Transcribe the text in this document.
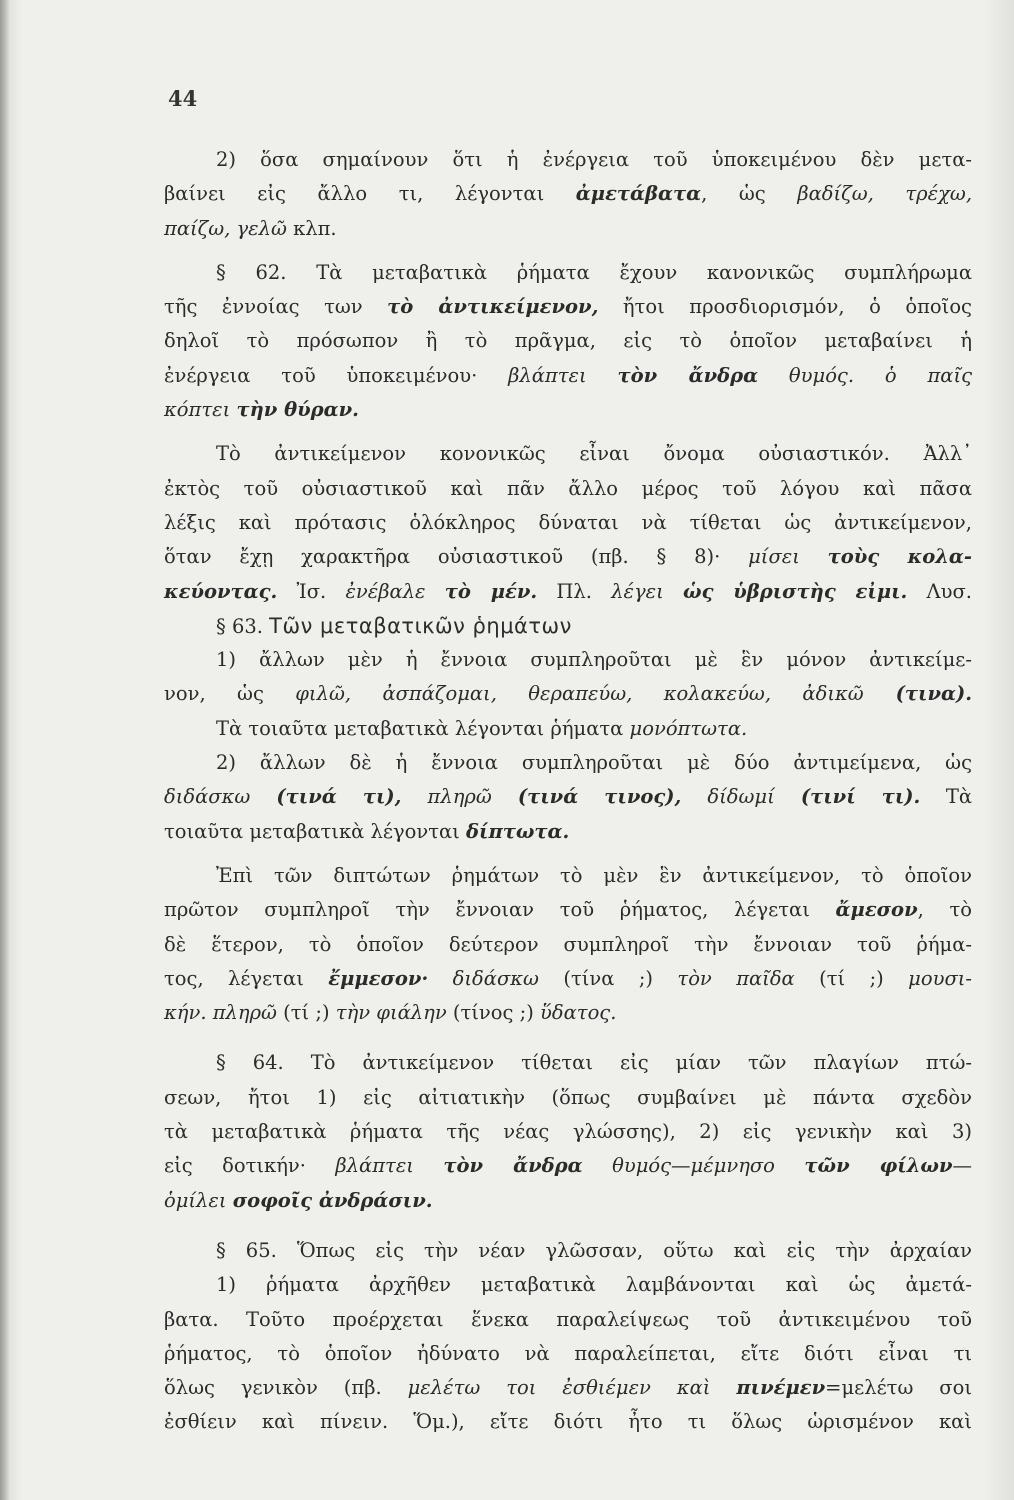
44
2) ὅσα σημαίνουν ὅτι ἡ ἐνέργεια τοῦ ὑποκειμένου δὲν μετα-
βαίνει εἰς ἄλλο τι, λέγονται ἀμετάβατα, ὡς βαδίζω, τρέχω,
παίζω, γελῶ κλπ.
§ 62. Τὰ μεταβατικὰ ῥήματα ἔχουν κανονικῶς συμπλήρωμα
τῆς ἐννοίας των τὸ ἀντικείμενον, ἤτοι προσδιορισμόν, ὁ ὁποῖος
δηλοῖ τὸ πρόσωπον ἢ τὸ πρᾶγμα, εἰς τὸ ὁποῖον μεταβαίνει ἡ
ἐνέργεια τοῦ ὑποκειμένου· βλάπτει τὸν ἄνδρα θυμός. ὁ παῖς
κόπτει τὴν θύραν.
Τὸ ἀντικείμενον κονονικῶς εἶναι ὄνομα οὐσιαστικόν. Ἀλλ᾽
ἐκτὸς τοῦ οὐσιαστικοῦ καὶ πᾶν ἄλλο μέρος τοῦ λόγου καὶ πᾶσα
λέξις καὶ πρότασις ὁλόκληρος δύναται νὰ τίθεται ὡς ἀντικείμενον,
ὅταν ἔχῃ χαρακτῆρα οὐσιαστικοῦ (πβ. § 8)· μίσει τοὺς κολα-
κεύοντας. Ἰσ. ἐνέβαλε τὸ μέν. Πλ. λέγει ὡς ὑβριστὴς εἰμι. Λυσ.
§ 63. Τῶν μεταβατικῶν ῥημάτων
1) ἄλλων μὲν ἡ ἔννοια συμπληροῦται μὲ ἓν μόνον ἀντικείμε-
νον, ὡς φιλῶ, ἀσπάζομαι, θεραπεύω, κολακεύω, ἀδικῶ (τινα).
Τὰ τοιαῦτα μεταβατικὰ λέγονται ῥήματα μονόπτωτα.
2) ἄλλων δὲ ἡ ἔννοια συμπληροῦται μὲ δύο ἀντιμείμενα, ὡς
διδάσκω (τινά τι), πληρῶ (τινά τινος), δίδωμί (τινί τι). Τὰ
τοιαῦτα μεταβατικὰ λέγονται δίπτωτα.
Ἐπὶ τῶν διπτώτων ῥημάτων τὸ μὲν ἓν ἀντικείμενον, τὸ ὁποῖον
πρῶτον συμπληροῖ τὴν ἔννοιαν τοῦ ῥήματος, λέγεται ἄμεσον, τὸ
δὲ ἕτερον, τὸ ὁποῖον δεύτερον συμπληροῖ τὴν ἔννοιαν τοῦ ῥήμα-
τος, λέγεται ἔμμεσον· διδάσκω (τίνα ;) τὸν παῖδα (τί ;) μουσι-
κήν. πληρῶ (τί ;) τὴν φιάλην (τίνος ;) ὕδατος.
§ 64. Τὸ ἀντικείμενον τίθεται εἰς μίαν τῶν πλαγίων πτώ-
σεων, ἤτοι 1) εἰς αἰτιατικὴν (ὅπως συμβαίνει μὲ πάντα σχεδὸν
τὰ μεταβατικὰ ῥήματα τῆς νέας γλώσσης), 2) εἰς γενικὴν καὶ 3)
εἰς δοτικήν· βλάπτει τὸν ἄνδρα θυμός—μέμνησο τῶν φίλων—
ὁμίλει σοφοῖς ἀνδράσιν.
§ 65. Ὅπως εἰς τὴν νέαν γλῶσσαν, οὕτω καὶ εἰς τὴν ἀρχαίαν
1) ῥήματα ἀρχῆθεν μεταβατικὰ λαμβάνονται καὶ ὡς ἀμετά-
βατα. Τοῦτο προέρχεται ἕνεκα παραλείψεως τοῦ ἀντικειμένου τοῦ
ῥήματος, τὸ ὁποῖον ἠδύνατο νὰ παραλείπεται, εἴτε διότι εἶναι τι
ὅλως γενικὸν (πβ. μελέτω τοι ἐσθιέμεν καὶ πινέμεν=μελέτω σοι
ἐσθίειν καὶ πίνειν. Ὅμ.), εἴτε διότι ἦτο τι ὅλως ὡρισμένον καὶ
